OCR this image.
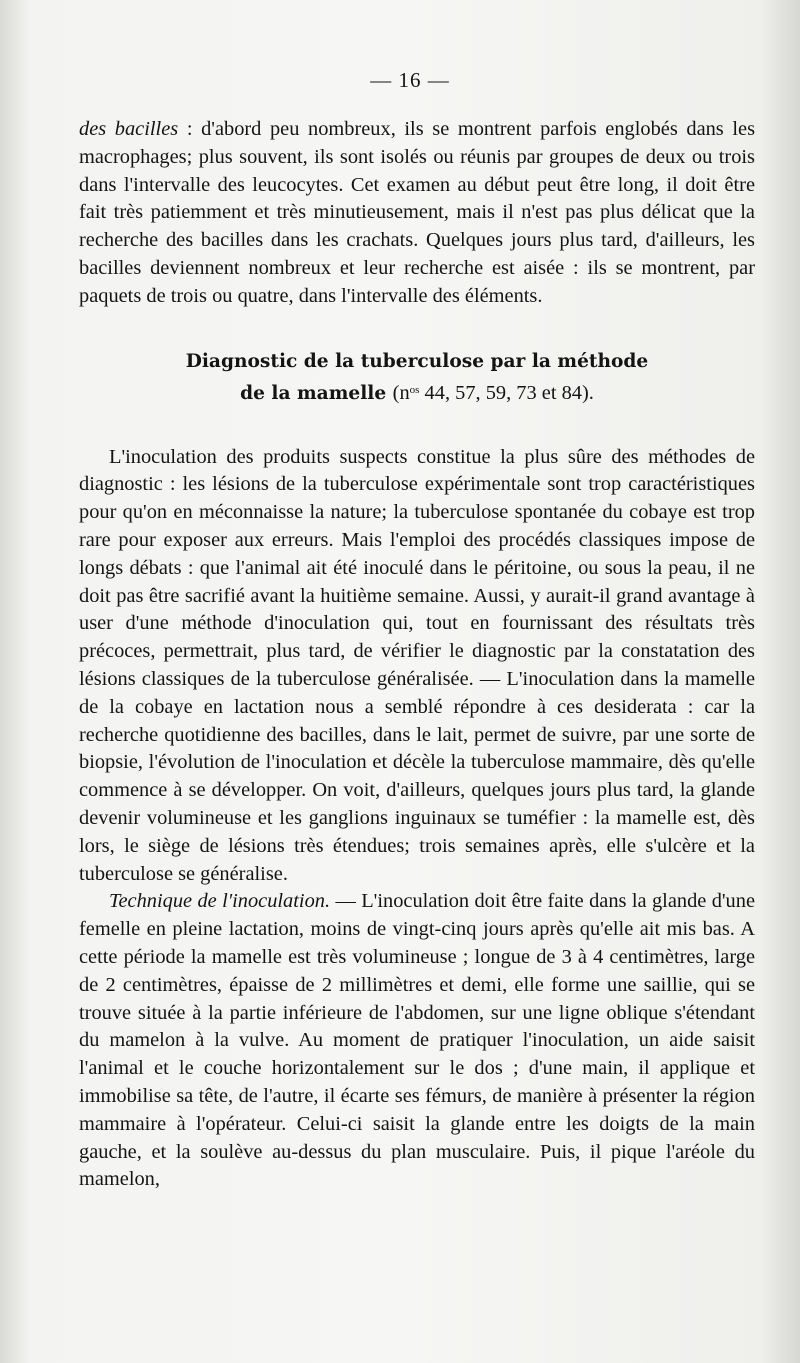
— 16 —

des bacilles : d'abord peu nombreux, ils se montrent parfois englobés dans les macrophages; plus souvent, ils sont isolés ou réunis par groupes de deux ou trois dans l'intervalle des leucocytes. Cet examen au début peut être long, il doit être fait très patiemment et très minutieusement, mais il n'est pas plus délicat que la recherche des bacilles dans les crachats. Quelques jours plus tard, d'ailleurs, les bacilles deviennent nombreux et leur recherche est aisée : ils se montrent, par paquets de trois ou quatre, dans l'intervalle des éléments.

Diagnostic de la tuberculose par la méthode
de la mamelle ($n^{os}$ 44, 57, 59, 73 et 84).

L'inoculation des produits suspects constitue la plus sûre des méthodes de diagnostic : les lésions de la tuberculose expérimentale sont trop caractéristiques pour qu'on en méconnaisse la nature; la tuberculose spontanée du cobaye est trop rare pour exposer aux erreurs. Mais l'emploi des procédés classiques impose de longs débats : que l'animal ait été inoculé dans le péritoine, ou sous la peau, il ne doit pas être sacrifié avant la huitième semaine. Aussi, y aurait-il grand avantage à user d'une méthode d'inoculation qui, tout en fournissant des résultats très précoces, permettrait, plus tard, de vérifier le diagnostic par la constatation des lésions classiques de la tuberculose généralisée. — L'inoculation dans la mamelle de la cobaye en lactation nous a semblé répondre à ces desiderata : car la recherche quotidienne des bacilles, dans le lait, permet de suivre, par une sorte de biopsie, l'évolution de l'inoculation et décèle la tuberculose mammaire, dès qu'elle commence à se développer. On voit, d'ailleurs, quelques jours plus tard, la glande devenir volumineuse et les ganglions inguinaux se tuméfier : la mamelle est, dès lors, le siège de lésions très étendues; trois semaines après, elle s'ulcère et la tuberculose se généralise.

Technique de l'inoculation. — L'inoculation doit être faite dans la glande d'une femelle en pleine lactation, moins de vingt-cinq jours après qu'elle ait mis bas. A cette période la mamelle est très volumineuse ; longue de 3 à 4 centimètres, large de 2 centimètres, épaisse de 2 millimètres et demi, elle forme une saillie, qui se trouve située à la partie inférieure de l'abdomen, sur une ligne oblique s'étendant du mamelon à la vulve. Au moment de pratiquer l'inoculation, un aide saisit l'animal et le couche horizontalement sur le dos ; d'une main, il applique et immobilise sa tête, de l'autre, il écarte ses fémurs, de manière à présenter la région mammaire à l'opérateur. Celui-ci saisit la glande entre les doigts de la main gauche, et la soulève au-dessus du plan musculaire. Puis, il pique l'aréole du mamelon,
